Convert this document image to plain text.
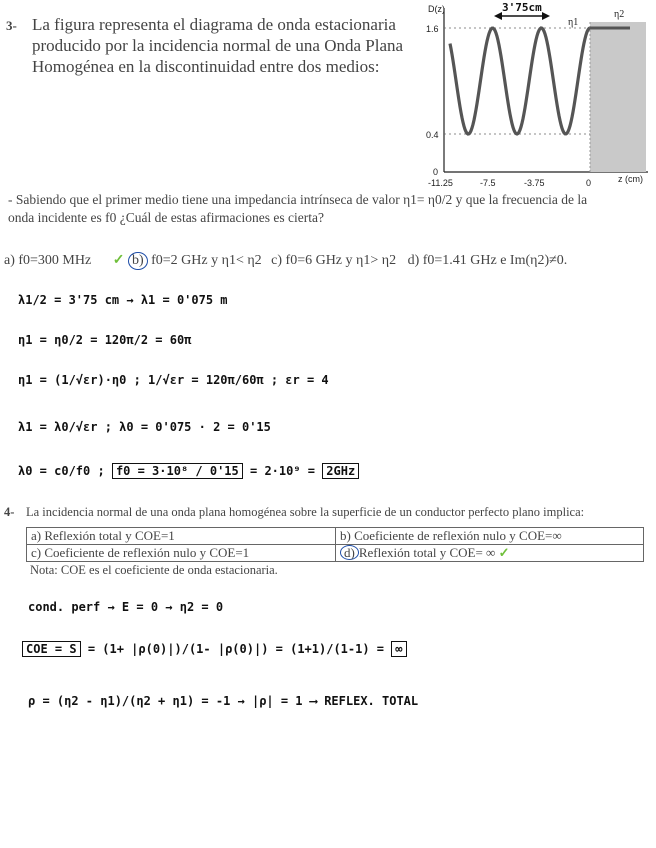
3- La figura representa el diagrama de onda estacionaria
producido por la incidencia normal de una Onda Plana
Homogénea en la discontinuidad entre dos medios:
3'75cm
D(z)
η1
η2
1.6
0.4
0
-11.25	-7.5	-3.75	0	z (cm)
- Sabiendo que el primer medio tiene una impedancia intrínseca de valor η1= η0/2 y que la frecuencia de la
onda incidente es f0 ¿Cuál de estas afirmaciones es cierta?
a) f0=300 MHz ✓ b) f0=2 GHz y η1< η2 c) f0=6 GHz y η1> η2 d) f0=1.41 GHz e Im(η2)≠0.
λ1/2 = 3'75 cm → λ1 = 0'075 m
η1 = η0/2 = 120π/2 = 60π
η1 = (1/√εr)·η0 ; 1/√εr = 120π/60π ; εr = 4
λ1 = λ0/√εr ; λ0 = 0'075 · 2 = 0'15
λ0 = c0/f0 ; f0 = 3·10⁸ / 0'15 = 2·10⁹ = 2GHz
4- La incidencia normal de una onda plana homogénea sobre la superficie de un conductor perfecto plano implica:
a) Reflexión total y COE=1	b) Coeficiente de reflexión nulo y COE=∞
c) Coeficiente de reflexión nulo y COE=1	d) Reflexión total y COE= ∞ ✓
Nota: COE es el coeficiente de onda estacionaria.
cond. perf → E = 0 → η2 = 0
COE = S = (1+ |ρ(0)|)/(1- |ρ(0)|) = (1+1)/(1-1) = ∞
ρ = (η2 - η1)/(η2 + η1) = -1 → |ρ| = 1 ⟶ REFLEX. TOTAL
